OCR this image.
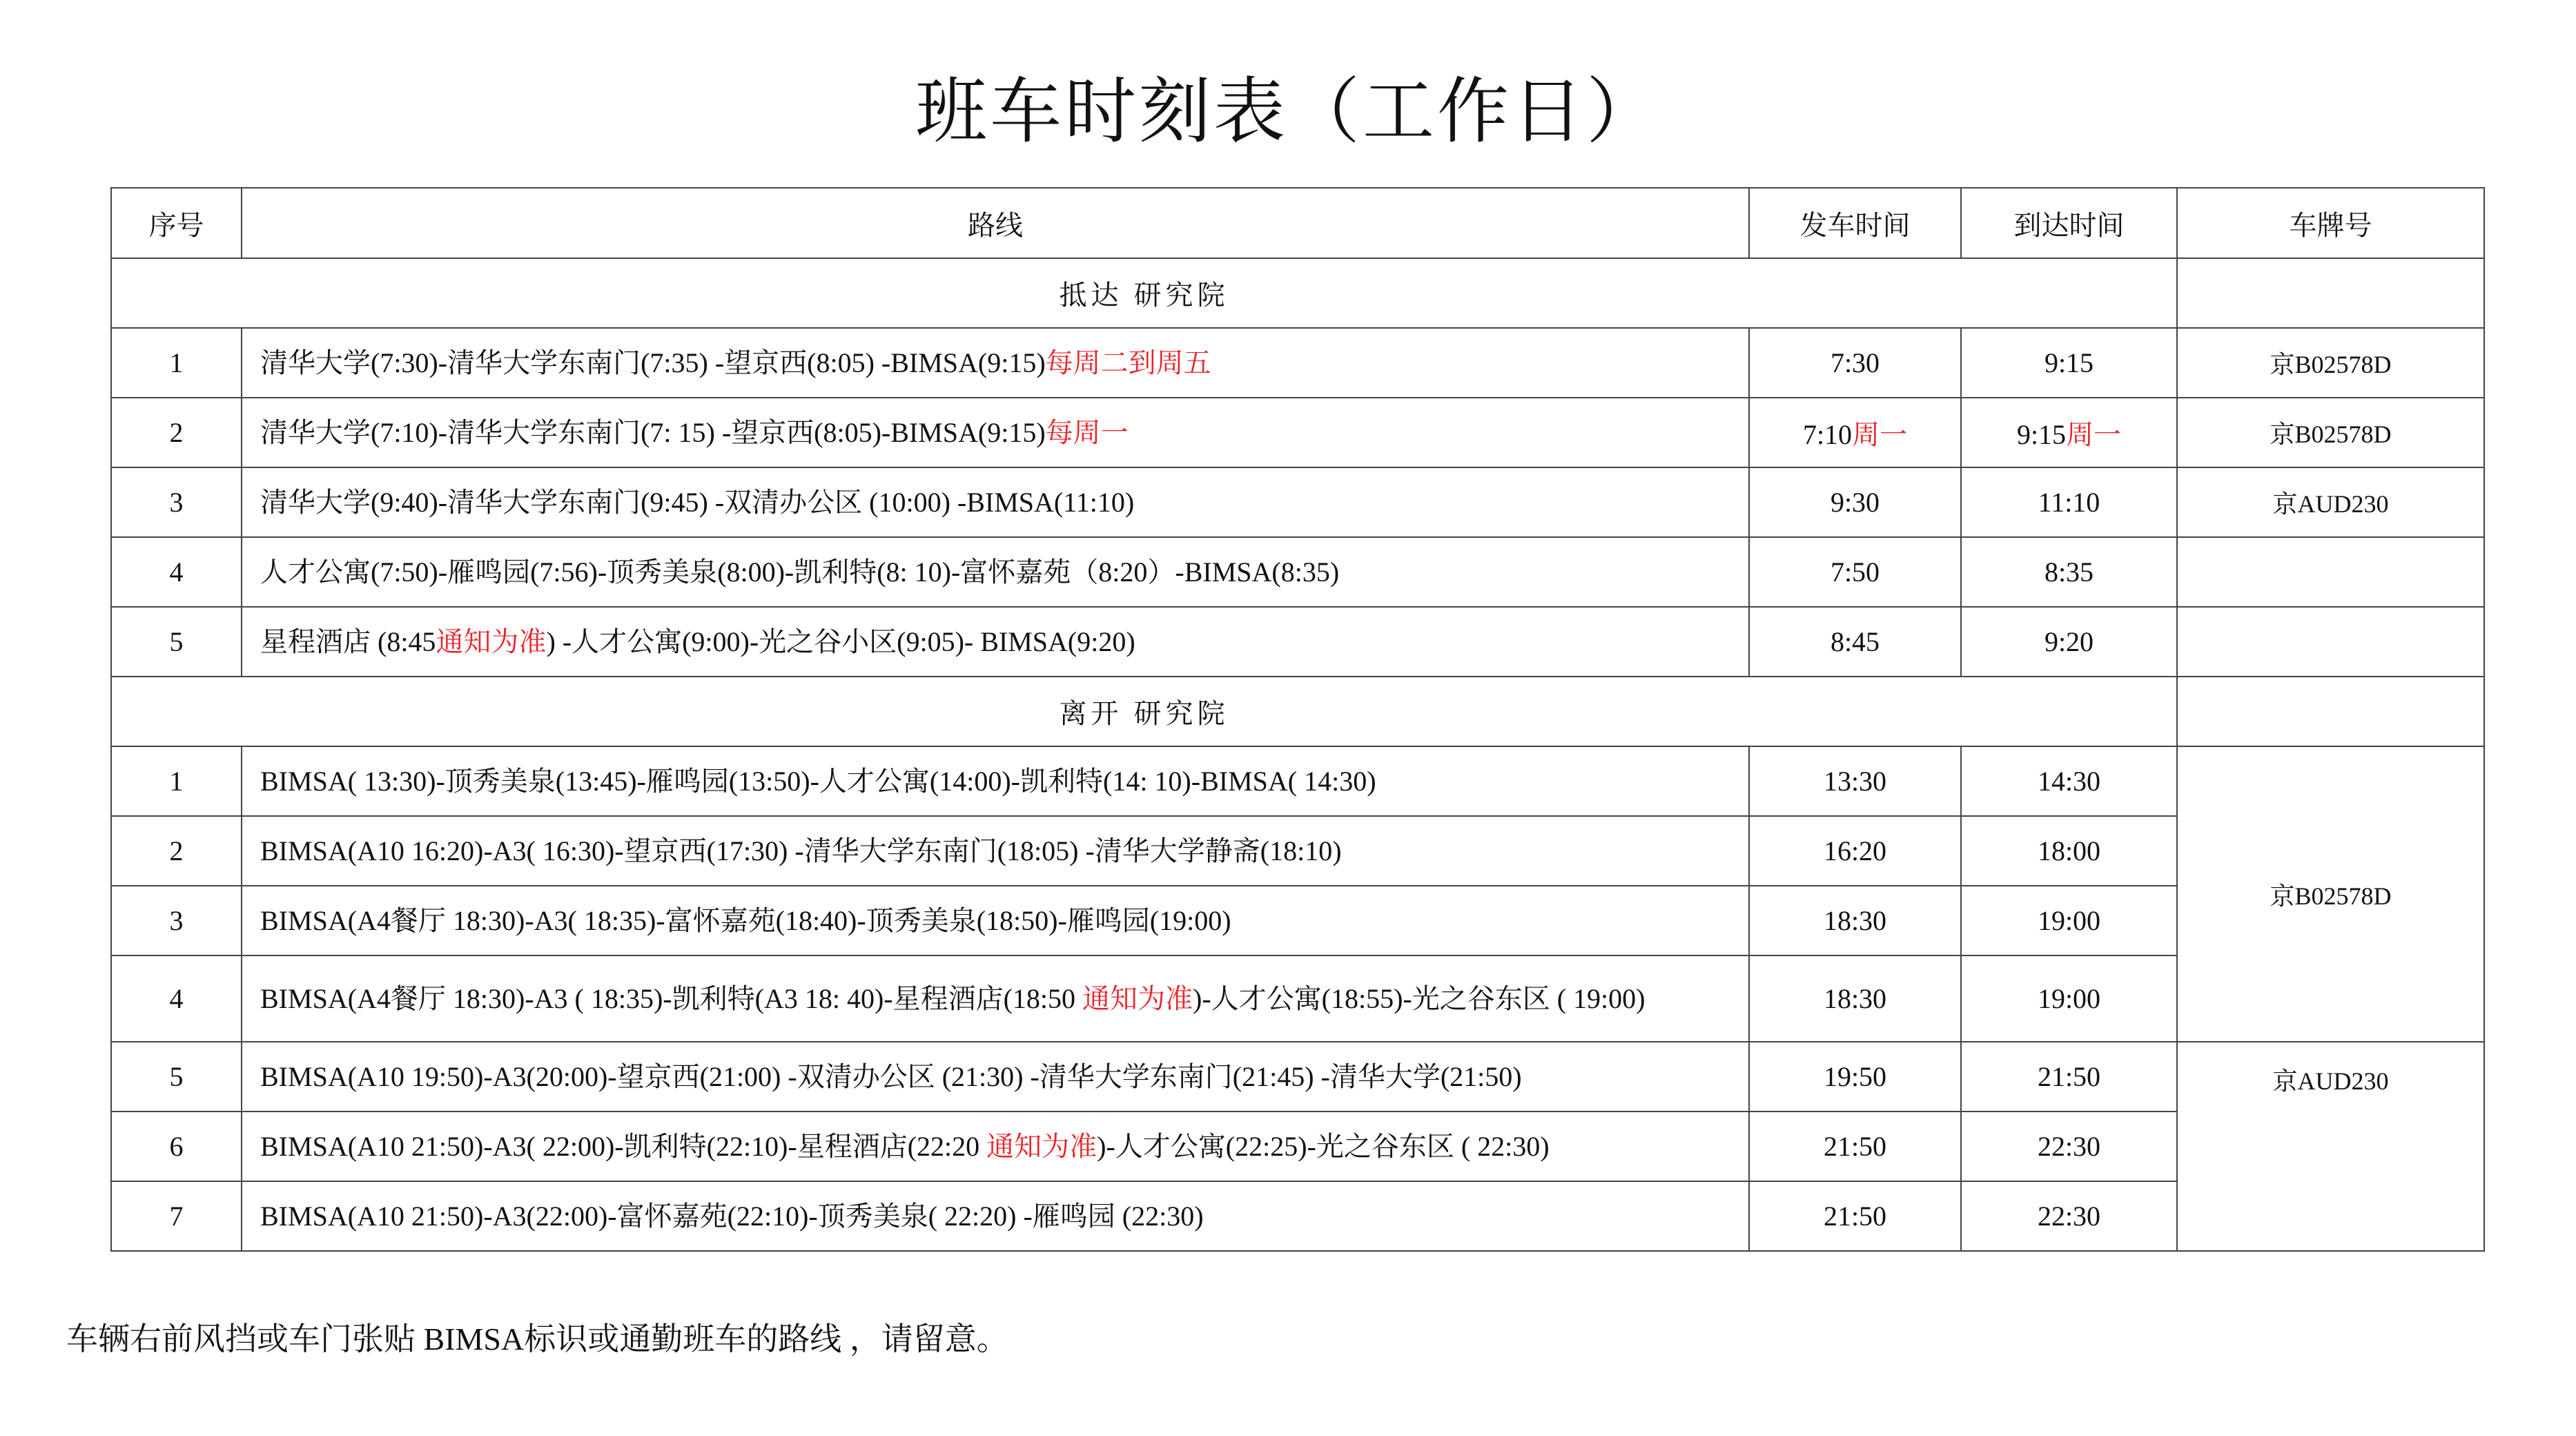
班车时刻表（工作日）
序号	路线	发车时间	到达时间	车牌号
抵达 研究院				
1	清华大学(7:30)-清华大学东南门(7:35) -望京西(8:05) -BIMSA(9:15)每周二到周五	7:30	9:15	京B02578D
2	清华大学(7:10)-清华大学东南门(7: 15) -望京西(8:05)-BIMSA(9:15)每周一	7:10周一	9:15周一	京B02578D
3	清华大学(9:40)-清华大学东南门(9:45) -双清办公区 (10:00) -BIMSA(11:10)	9:30	11:10	京AUD230
4	人才公寓(7:50)-雁鸣园(7:56)-顶秀美泉(8:00)-凯利特(8: 10)-富怀嘉苑（8:20）-BIMSA(8:35)	7:50	8:35	
5	星程酒店 (8:45通知为准) -人才公寓(9:00)-光之谷小区(9:05)- BIMSA(9:20)	8:45	9:20	
离开 研究院				
1	BIMSA( 13:30)-顶秀美泉(13:45)-雁鸣园(13:50)-人才公寓(14:00)-凯利特(14: 10)-BIMSA( 14:30)	13:30	14:30	京B02578D
2	BIMSA(A10 16:20)-A3( 16:30)-望京西(17:30) -清华大学东南门(18:05) -清华大学静斋(18:10)	16:20	18:00	
3	BIMSA(A4餐厅 18:30)-A3( 18:35)-富怀嘉苑(18:40)-顶秀美泉(18:50)-雁鸣园(19:00)	18:30	19:00	
4	BIMSA(A4餐厅 18:30)-A3 ( 18:35)-凯利特(A3 18: 40)-星程酒店(18:50 通知为准)-人才公寓(18:55)-光之谷东区 ( 19:00)	18:30	19:00	
5	BIMSA(A10 19:50)-A3(20:00)-望京西(21:00) -双清办公区 (21:30) -清华大学东南门(21:45) -清华大学(21:50)	19:50	21:50	京AUD230
6	BIMSA(A10 21:50)-A3( 22:00)-凯利特(22:10)-星程酒店(22:20 通知为准)-人才公寓(22:25)-光之谷东区 ( 22:30)	21:50	22:30	
7	BIMSA(A10 21:50)-A3(22:00)-富怀嘉苑(22:10)-顶秀美泉( 22:20) -雁鸣园 (22:30)	21:50	22:30	
车辆右前风挡或车门张贴 BIMSA标识或通勤班车的路线 ，请留意。
